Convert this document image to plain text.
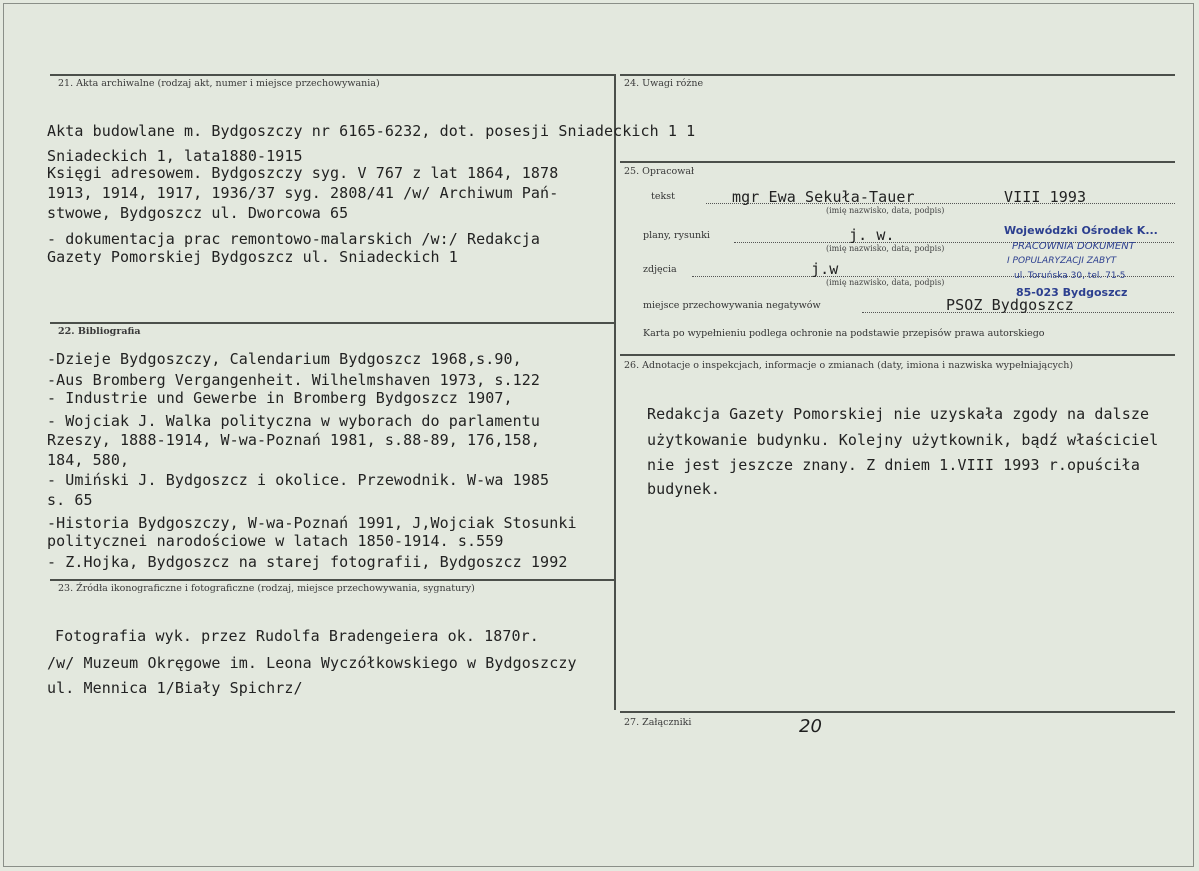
21. Akta archiwalne (rodzaj akt, numer i miejsce przechowywania)
Akta budowlane m. Bydgoszczy nr 6165-6232, dot. posesji Sniadeckich 1 1
Sniadeckich 1, lata1880-1915
Księgi adresowem. Bydgoszczy syg. V 767 z lat 1864, 1878
1913, 1914, 1917, 1936/37 syg. 2808/41 /w/ Archiwum Pań-
stwowe, Bydgoszcz ul. Dworcowa 65
- dokumentacja prac remontowo-malarskich /w:/ Redakcja
Gazety Pomorskiej Bydgoszcz ul. Sniadeckich 1
22. Bibliografia
-Dzieje Bydgoszczy, Calendarium Bydgoszcz 1968,s.90,
-Aus Bromberg Vergangenheit. Wilhelmshaven 1973, s.122
- Industrie und Gewerbe in Bromberg Bydgoszcz 1907,
- Wojciak J. Walka polityczna w wyborach do parlamentu
Rzeszy, 1888-1914, W-wa-Poznań 1981, s.88-89, 176,158,
184, 580,
- Umiński J. Bydgoszcz i okolice. Przewodnik. W-wa 1985
s. 65
-Historia Bydgoszczy, W-wa-Poznań 1991, J,Wojciak Stosunki
politycznei narodościowe w latach 1850-1914. s.559
- Z.Hojka, Bydgoszcz na starej fotografii, Bydgoszcz 1992
23. Źródła ikonograficzne i fotograficzne (rodzaj, miejsce przechowywania, sygnatury)
Fotografia wyk. przez Rudolfa Bradengeiera ok. 1870r.
/w/ Muzeum Okręgowe im. Leona Wyczółkowskiego w Bydgoszczy
ul. Mennica 1/Biały Spichrz/
24. Uwagi różne
25. Opracował
tekst	mgr Ewa Sekuła-Tauer	VIII 1993
(imię nazwisko, data, podpis)
plany, rysunki	j. w.
(imię nazwisko, data, podpis)
zdjęcia	j.w
(imię nazwisko, data, podpis)
miejsce przechowywania negatywów	PSOZ Bydgoszcz
Karta po wypełnieniu podlega ochronie na podstawie przepisów prawa autorskiego
Wojewódzki Ośrodek K...
PRACOWNIA DOKUMENT
I POPULARYZACJI ZABYT
ul. Toruńska 30, tel. 71-5
85-023 Bydgoszcz
26. Adnotacje o inspekcjach, informacje o zmianach (daty, imiona i nazwiska wypełniających)
Redakcja Gazety Pomorskiej nie uzyskała zgody na dalsze
użytkowanie budynku. Kolejny użytkownik, bądź właściciel
nie jest jeszcze znany. Z dniem 1.VIII 1993 r.opuściła
budynek.
27. Załączniki	20
